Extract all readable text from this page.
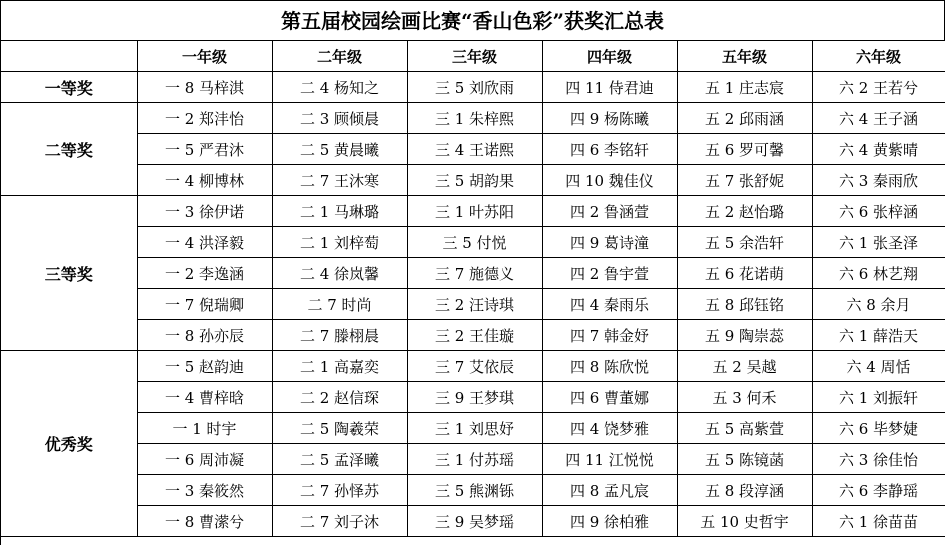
第五届校园绘画比赛“香山色彩”获奖汇总表
	一年级	二年级	三年级	四年级	五年级	六年级
一等奖	一 8 马梓淇	二 4 杨知之	三 5 刘欣雨	四 11 侍君迪	五 1 庄志宸	六 2 王若兮
二等奖	一 2 郑沣怡	二 3 顾倾晨	三 1 朱梓熙	四 9 杨陈曦	五 2 邱雨涵	六 4 王子涵
	一 5 严君沐	二 5 黄晨曦	三 4 王诺熙	四 6 李铭轩	五 6 罗可馨	六 4 黄紫晴
	一 4 柳博林	二 7 王沐寒	三 5 胡韵果	四 10 魏佳仪	五 7 张舒妮	六 3 秦雨欣
三等奖	一 3 徐伊诺	二 1 马琳璐	三 1 叶苏阳	四 2 鲁涵萱	五 2 赵怡璐	六 6 张梓涵
	一 4 洪泽毅	二 1 刘梓萄	三 5 付悦	四 9 葛诗潼	五 5 余浩轩	六 1 张圣泽
	一 2 李逸涵	二 4 徐岚馨	三 7 施德义	四 2 鲁宇萱	五 6 花诺萌	六 6 林艺翔
	一 7 倪瑞卿	二 7 时尚	三 2 汪诗琪	四 4 秦雨乐	五 8 邱钰铭	六 8 余月
	一 8 孙亦辰	二 7 滕栩晨	三 2 王佳璇	四 7 韩金妤	五 9 陶崇蕊	六 1 薛浩天
优秀奖	一 5 赵韵迪	二 1 高嘉奕	三 7 艾依辰	四 8 陈欣悦	五 2 吴越	六 4 周恬
	一 4 曹梓晗	二 2 赵信琛	三 9 王梦琪	四 6 曹董娜	五 3 何禾	六 1 刘振轩
	一 1 时宇	二 5 陶羲荣	三 1 刘思妤	四 4 饶梦雅	五 5 高紫萱	六 6 毕梦婕
	一 6 周沛凝	二 5 孟泽曦	三 1 付苏瑶	四 11 江悦悦	五 5 陈镜菡	六 3 徐佳怡
	一 3 秦筱然	二 7 孙怿苏	三 5 熊渊铄	四 8 孟凡宸	五 8 段淳涵	六 6 李静瑶
	一 8 曹潆兮	二 7 刘子沐	三 9 吴梦瑶	四 9 徐柏雅	五 10 史哲宇	六 1 徐苗苗
